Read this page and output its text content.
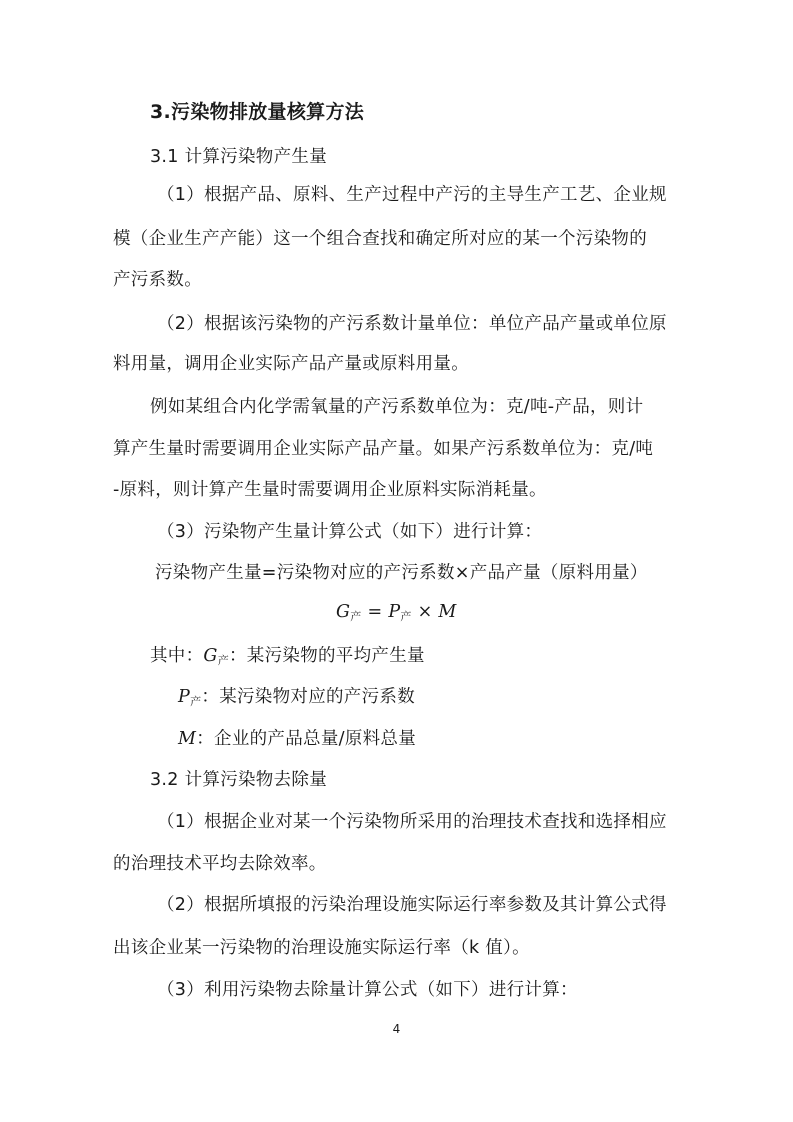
3.污染物排放量核算方法
3.1 计算污染物产生量
（1）根据产品、原料、生产过程中产污的主导生产工艺、企业规
模（企业生产产能）这一个组合查找和确定所对应的某一个污染物的
产污系数。
（2）根据该污染物的产污系数计量单位：单位产品产量或单位原
料用量，调用企业实际产品产量或原料用量。
例如某组合内化学需氧量的产污系数单位为：克/吨-产品，则计
算产生量时需要调用企业实际产品产量。如果产污系数单位为：克/吨
-原料，则计算产生量时需要调用企业原料实际消耗量。
（3）污染物产生量计算公式（如下）进行计算：
污染物产生量=污染物对应的产污系数×产品产量（原料用量）
$G_产 = P_产 \times M$
其中：$G_产$：某污染物的平均产生量
$P_产$：某污染物对应的产污系数
M：企业的产品总量/原料总量
3.2 计算污染物去除量
（1）根据企业对某一个污染物所采用的治理技术查找和选择相应
的治理技术平均去除效率。
（2）根据所填报的污染治理设施实际运行率参数及其计算公式得
出该企业某一污染物的治理设施实际运行率（k 值）。
（3）利用污染物去除量计算公式（如下）进行计算：
4
